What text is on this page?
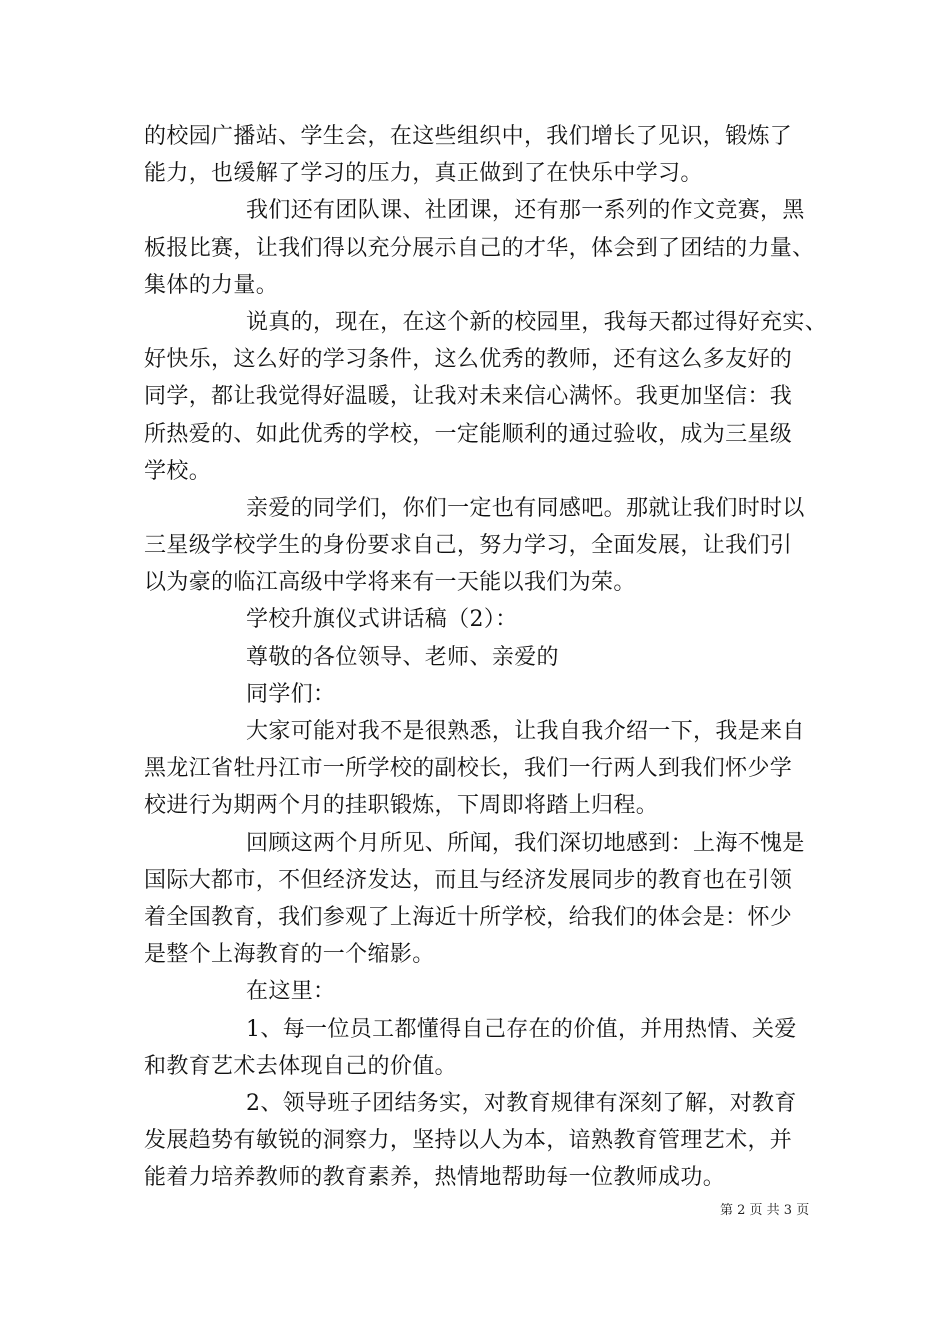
的校园广播站、学生会，在这些组织中，我们增长了见识，锻炼了
能力，也缓解了学习的压力，真正做到了在快乐中学习。
我们还有团队课、社团课，还有那一系列的作文竞赛，黑
板报比赛，让我们得以充分展示自己的才华，体会到了团结的力量、
集体的力量。
说真的，现在，在这个新的校园里，我每天都过得好充实、
好快乐，这么好的学习条件，这么优秀的教师，还有这么多友好的
同学，都让我觉得好温暖，让我对未来信心满怀。我更加坚信：我
所热爱的、如此优秀的学校，一定能顺利的通过验收，成为三星级
学校。
亲爱的同学们，你们一定也有同感吧。那就让我们时时以
三星级学校学生的身份要求自己，努力学习，全面发展，让我们引
以为豪的临江高级中学将来有一天能以我们为荣。
学校升旗仪式讲话稿（2）：
尊敬的各位领导、老师、亲爱的
同学们：
大家可能对我不是很熟悉，让我自我介绍一下，我是来自
黑龙江省牡丹江市一所学校的副校长，我们一行两人到我们怀少学
校进行为期两个月的挂职锻炼，下周即将踏上归程。
回顾这两个月所见、所闻，我们深切地感到：上海不愧是
国际大都市，不但经济发达，而且与经济发展同步的教育也在引领
着全国教育，我们参观了上海近十所学校，给我们的体会是：怀少
是整个上海教育的一个缩影。
在这里：
1、每一位员工都懂得自己存在的价值，并用热情、关爱
和教育艺术去体现自己的价值。
2、领导班子团结务实，对教育规律有深刻了解，对教育
发展趋势有敏锐的洞察力，坚持以人为本，谙熟教育管理艺术，并
能着力培养教师的教育素养，热情地帮助每一位教师成功。
第 2 页 共 3 页
